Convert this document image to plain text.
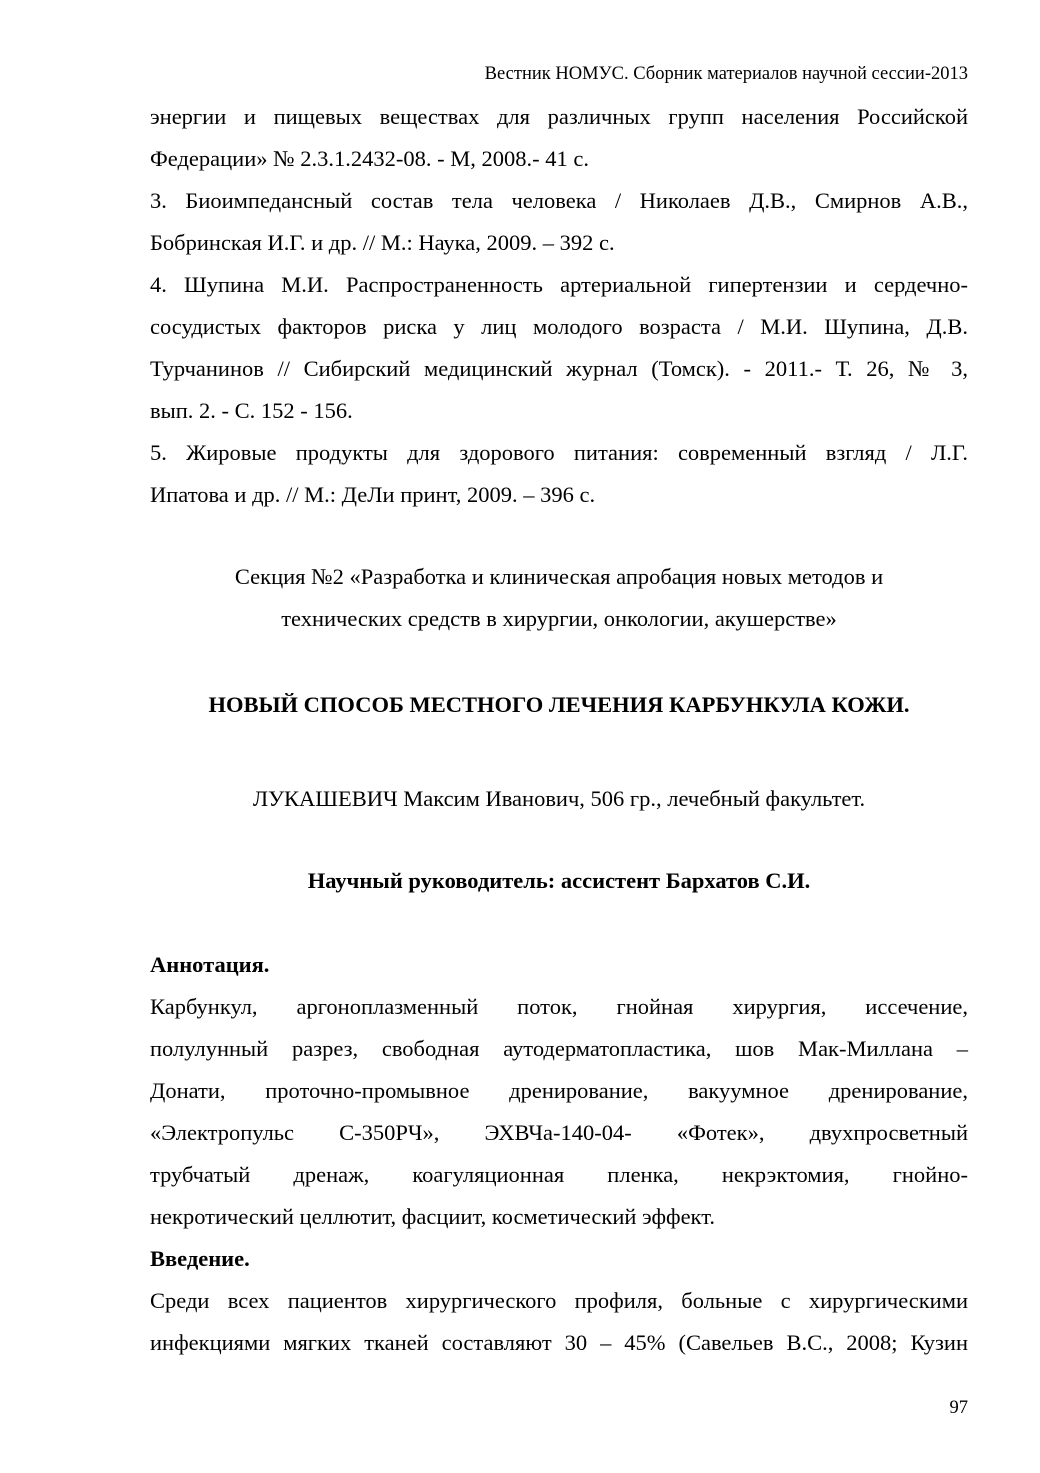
Вестник НОМУС. Сборник материалов научной сессии-2013
энергии и пищевых веществах для различных групп населения Российской
Федерации» № 2.3.1.2432-08. - М, 2008.- 41 с.
3. Биоимпедансный состав тела человека / Николаев Д.В., Смирнов А.В.,
Бобринская И.Г. и др. // М.: Наука, 2009. – 392 с.
4. Шупина М.И. Распространенность артериальной гипертензии и сердечно-
сосудистых факторов риска у лиц молодого возраста / М.И. Шупина, Д.В.
Турчанинов // Сибирский медицинский журнал (Томск). - 2011.- Т. 26, № 3,
вып. 2. - С. 152 - 156.
5. Жировые продукты для здорового питания: современный взгляд / Л.Г.
Ипатова и др. // М.: ДеЛи принт, 2009. – 396 с.
Секция №2 «Разработка и клиническая апробация новых методов и
технических средств в хирургии, онкологии, акушерстве»
НОВЫЙ СПОСОБ МЕСТНОГО ЛЕЧЕНИЯ КАРБУНКУЛА КОЖИ.
ЛУКАШЕВИЧ Максим Иванович, 506 гр., лечебный факультет.
Научный руководитель: ассистент Бархатов С.И.
Аннотация.
Карбункул, аргоноплазменный поток, гнойная хирургия, иссечение,
полулунный разрез, свободная аутодерматопластика, шов Мак-Миллана –
Донати, проточно-промывное дренирование, вакуумное дренирование,
«Электропульс С-350РЧ», ЭХВЧа-140-04- «Фотек», двухпросветный
трубчатый дренаж, коагуляционная пленка, некрэктомия, гнойно-
некротический целлютит, фасциит, косметический эффект.
Введение.
Среди всех пациентов хирургического профиля, больные с хирургическими
инфекциями мягких тканей составляют 30 – 45% (Савельев В.С., 2008; Кузин
97
